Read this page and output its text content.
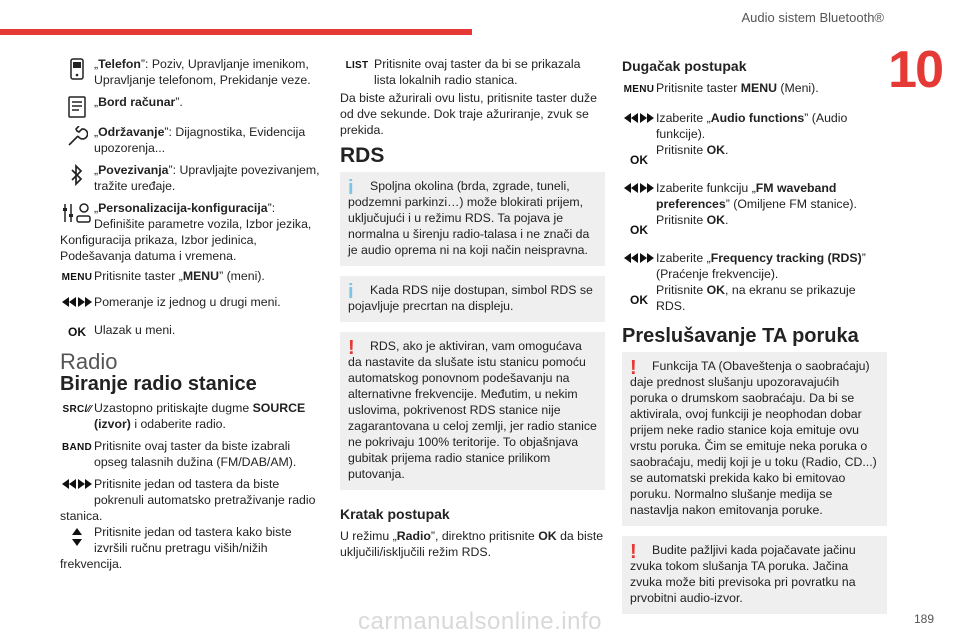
Audio sistem Bluetooth®
10
„Telefon”: Poziv, Upravljanje imenikom, Upravljanje telefonom, Prekidanje veze.
„Bord računar”.
„Održavanje”: Dijagnostika, Evidencija upozorenja...
„Povezivanja”: Upravljajte povezivanjem, tražite uređaje.
„Personalizacija-konfiguracija”: Definišite parametre vozila, Izbor jezika,
Konfiguracija prikaza, Izbor jedinica, Podešavanja datuma i vremena.
MENU Pritisnite taster „MENU” (meni).
Pomeranje iz jednog u drugi meni.
OK Ulazak u meni.
Radio
Biranje radio stanice
SRC/⁄⁄ Uzastopno pritiskajte dugme SOURCE (izvor) i odaberite radio.
BAND Pritisnite ovaj taster da biste izabrali opseg talasnih dužina (FM/DAB/AM).
Pritisnite jedan od tastera da biste pokrenuli automatsko pretraživanje radio
stanica.
Pritisnite jedan od tastera kako biste izvršili ručnu pretragu viših/nižih
frekvencija.
LIST Pritisnite ovaj taster da bi se prikazala lista lokalnih radio stanica.

Da biste ažurirali ovu listu, pritisnite taster duže od dve sekunde. Dok traje ažuriranje, zvuk se prekida.

RDS
i	Spoljna okolina (brda, zgrade, tuneli, podzemni parkinzi…) može blokirati prijem, uključujući i u režimu RDS. Ta pojava je normalna u širenju radio-talasa i ne znači da je audio oprema ni na koji način neispravna.

i	Kada RDS nije dostupan, simbol RDS se pojavljuje precrtan na displeju.

!	RDS, ako je aktiviran, vam omogućava da nastavite da slušate istu stanicu pomoću automatskog ponovnom podešavanju na alternativne frekvencije. Međutim, u nekim uslovima, pokrivenost RDS stanice nije zagarantovana u celoj zemlji, jer radio stanice ne pokrivaju 100% teritorije. To objašnjava gubitak prijema radio stanice prilikom putovanja.

Kratak postupak

U režimu „Radio”, direktno pritisnite OK da biste uključili/isključili režim RDS.

Dugačak postupak
MENU Pritisnite taster MENU (Meni).
Izaberite „Audio functions” (Audio funkcije).
OK
Pritisnite OK.
Izaberite funkciju „FM waveband preferences” (Omiljene FM stanice).
OK
Pritisnite OK.
Izaberite „Frequency tracking (RDS)” (Praćenje frekvencije).
OK
Pritisnite OK, na ekranu se prikazuje RDS.
Preslušavanje TA poruka
!	Funkcija TA (Obaveštenja o saobraćaju) daje prednost slušanju upozoravajućih poruka o drumskom saobraćaju. Da bi se aktivirala, ovoj funkciji je neophodan dobar prijem neke radio stanice koja emituje ovu vrstu poruka. Čim se emituje neka poruka o saobraćaju, medij koji je u toku (Radio, CD...) se automatski prekida kako bi emitovao poruku. Normalno slušanje medija se nastavlja nakon emitovanja poruke.

!	Budite pažljivi kada pojačavate jačinu zvuka tokom slušanja TA poruka. Jačina zvuka može biti previsoka pri povratku na prvobitni audio-izvor.

carmanualsonline.info	189
